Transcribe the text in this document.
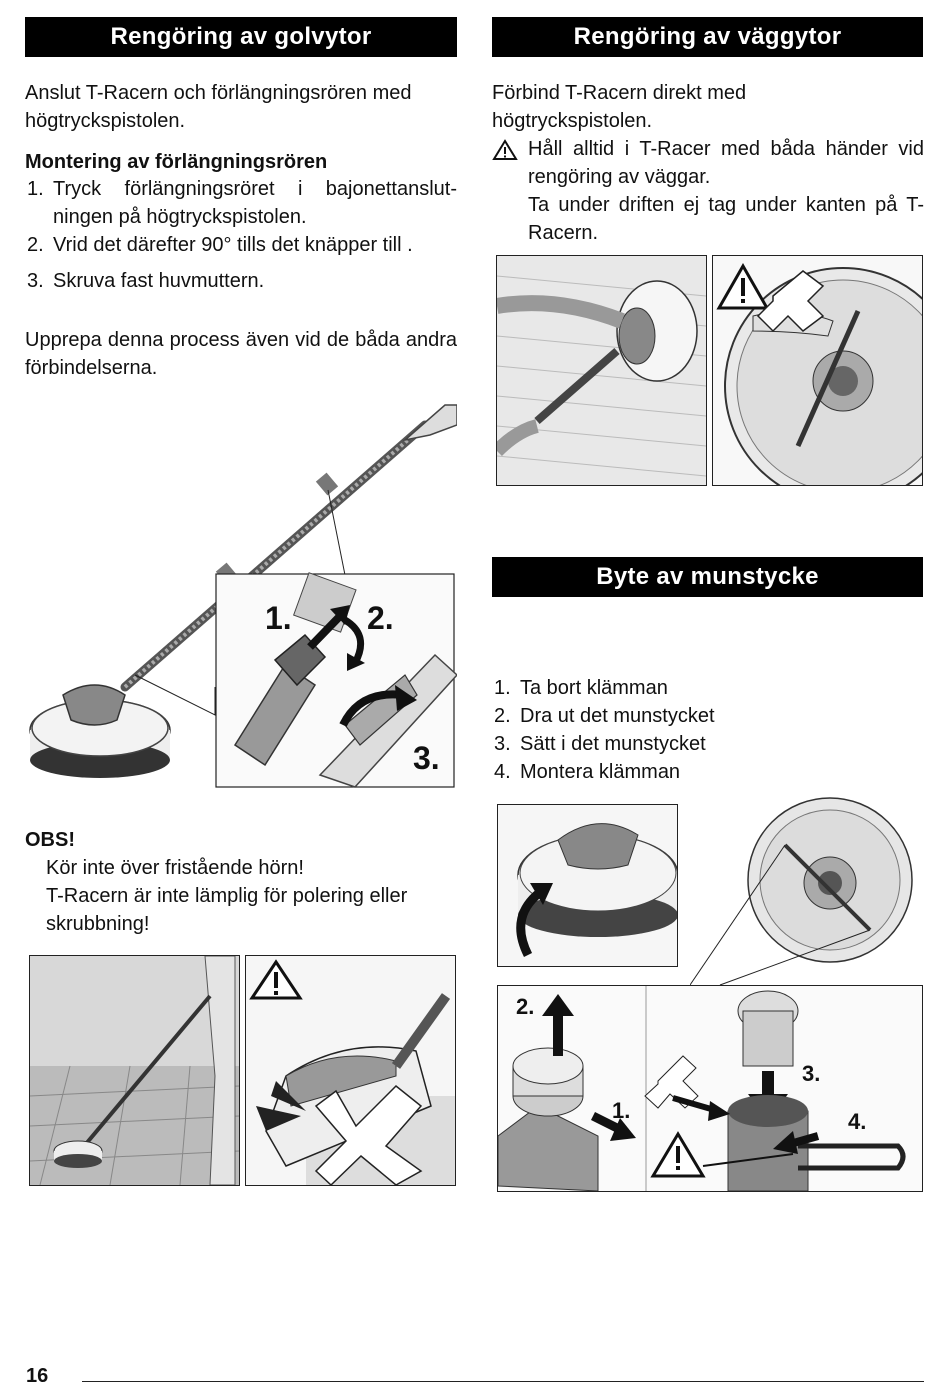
Rengöring av golvytor
Anslut T-Racern och förlängningsrören med högtryckspistolen.
Montering av förlängningsrören
1. Tryck förlängningsröret i bajonettanslut-ningen på högtryckspistolen.
2. Vrid det därefter 90° tills det knäpper till .
3. Skruva fast huvmuttern.
Upprepa denna process även vid de båda andra förbindelserna.
1. 2.
3.
OBS!
Kör inte över fristående hörn!
T-Racern är inte lämplig för polering eller skrubbning!
Rengöring av väggytor
Förbind T-Racern direkt med högtryckspistolen.
Håll alltid i T-Racer med båda händer vid rengöring av väggar.
Ta under driften ej tag under kanten på T-Racern.
Byte av munstycke
1. Ta bort klämman
2. Dra ut det munstycket
3. Sätt i det munstycket
4. Montera klämman
2.
1.
3.
4.
16
